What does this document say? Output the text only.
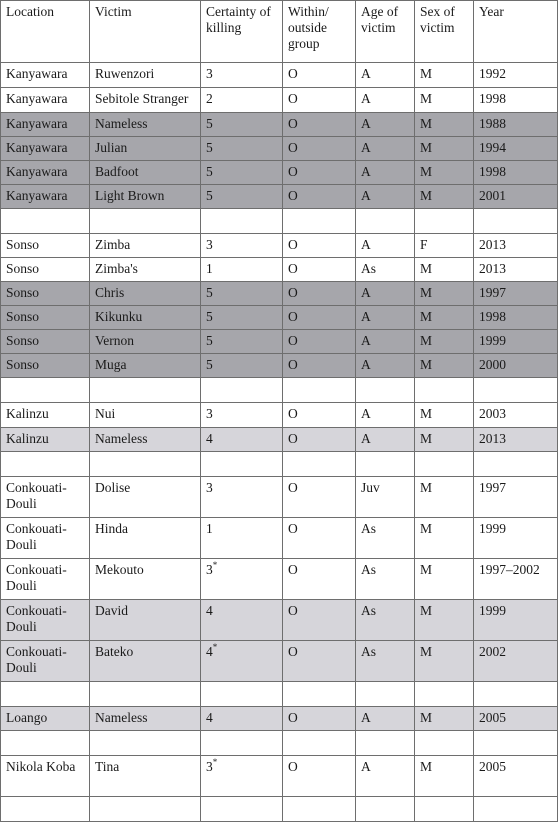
Location	Victim	Certainty of killing	Within/ outside group	Age of victim	Sex of victim	Year
Kanyawara	Ruwenzori	3	O	A	M	1992
Kanyawara	Sebitole Stranger	2	O	A	M	1998
Kanyawara	Nameless	5	O	A	M	1988
Kanyawara	Julian	5	O	A	M	1994
Kanyawara	Badfoot	5	O	A	M	1998
Kanyawara	Light Brown	5	O	A	M	2001

Sonso	Zimba	3	O	A	F	2013
Sonso	Zimba's	1	O	As	M	2013
Sonso	Chris	5	O	A	M	1997
Sonso	Kikunku	5	O	A	M	1998
Sonso	Vernon	5	O	A	M	1999
Sonso	Muga	5	O	A	M	2000

Kalinzu	Nui	3	O	A	M	2003
Kalinzu	Nameless	4	O	A	M	2013

Conkouati-Douli	Dolise	3	O	Juv	M	1997
Conkouati-Douli	Hinda	1	O	As	M	1999
Conkouati-Douli	Mekouto	3*	O	As	M	1997–2002
Conkouati-Douli	David	4	O	As	M	1999
Conkouati-Douli	Bateko	4*	O	As	M	2002

Loango	Nameless	4	O	A	M	2005

Nikola Koba	Tina	3*	O	A	M	2005
